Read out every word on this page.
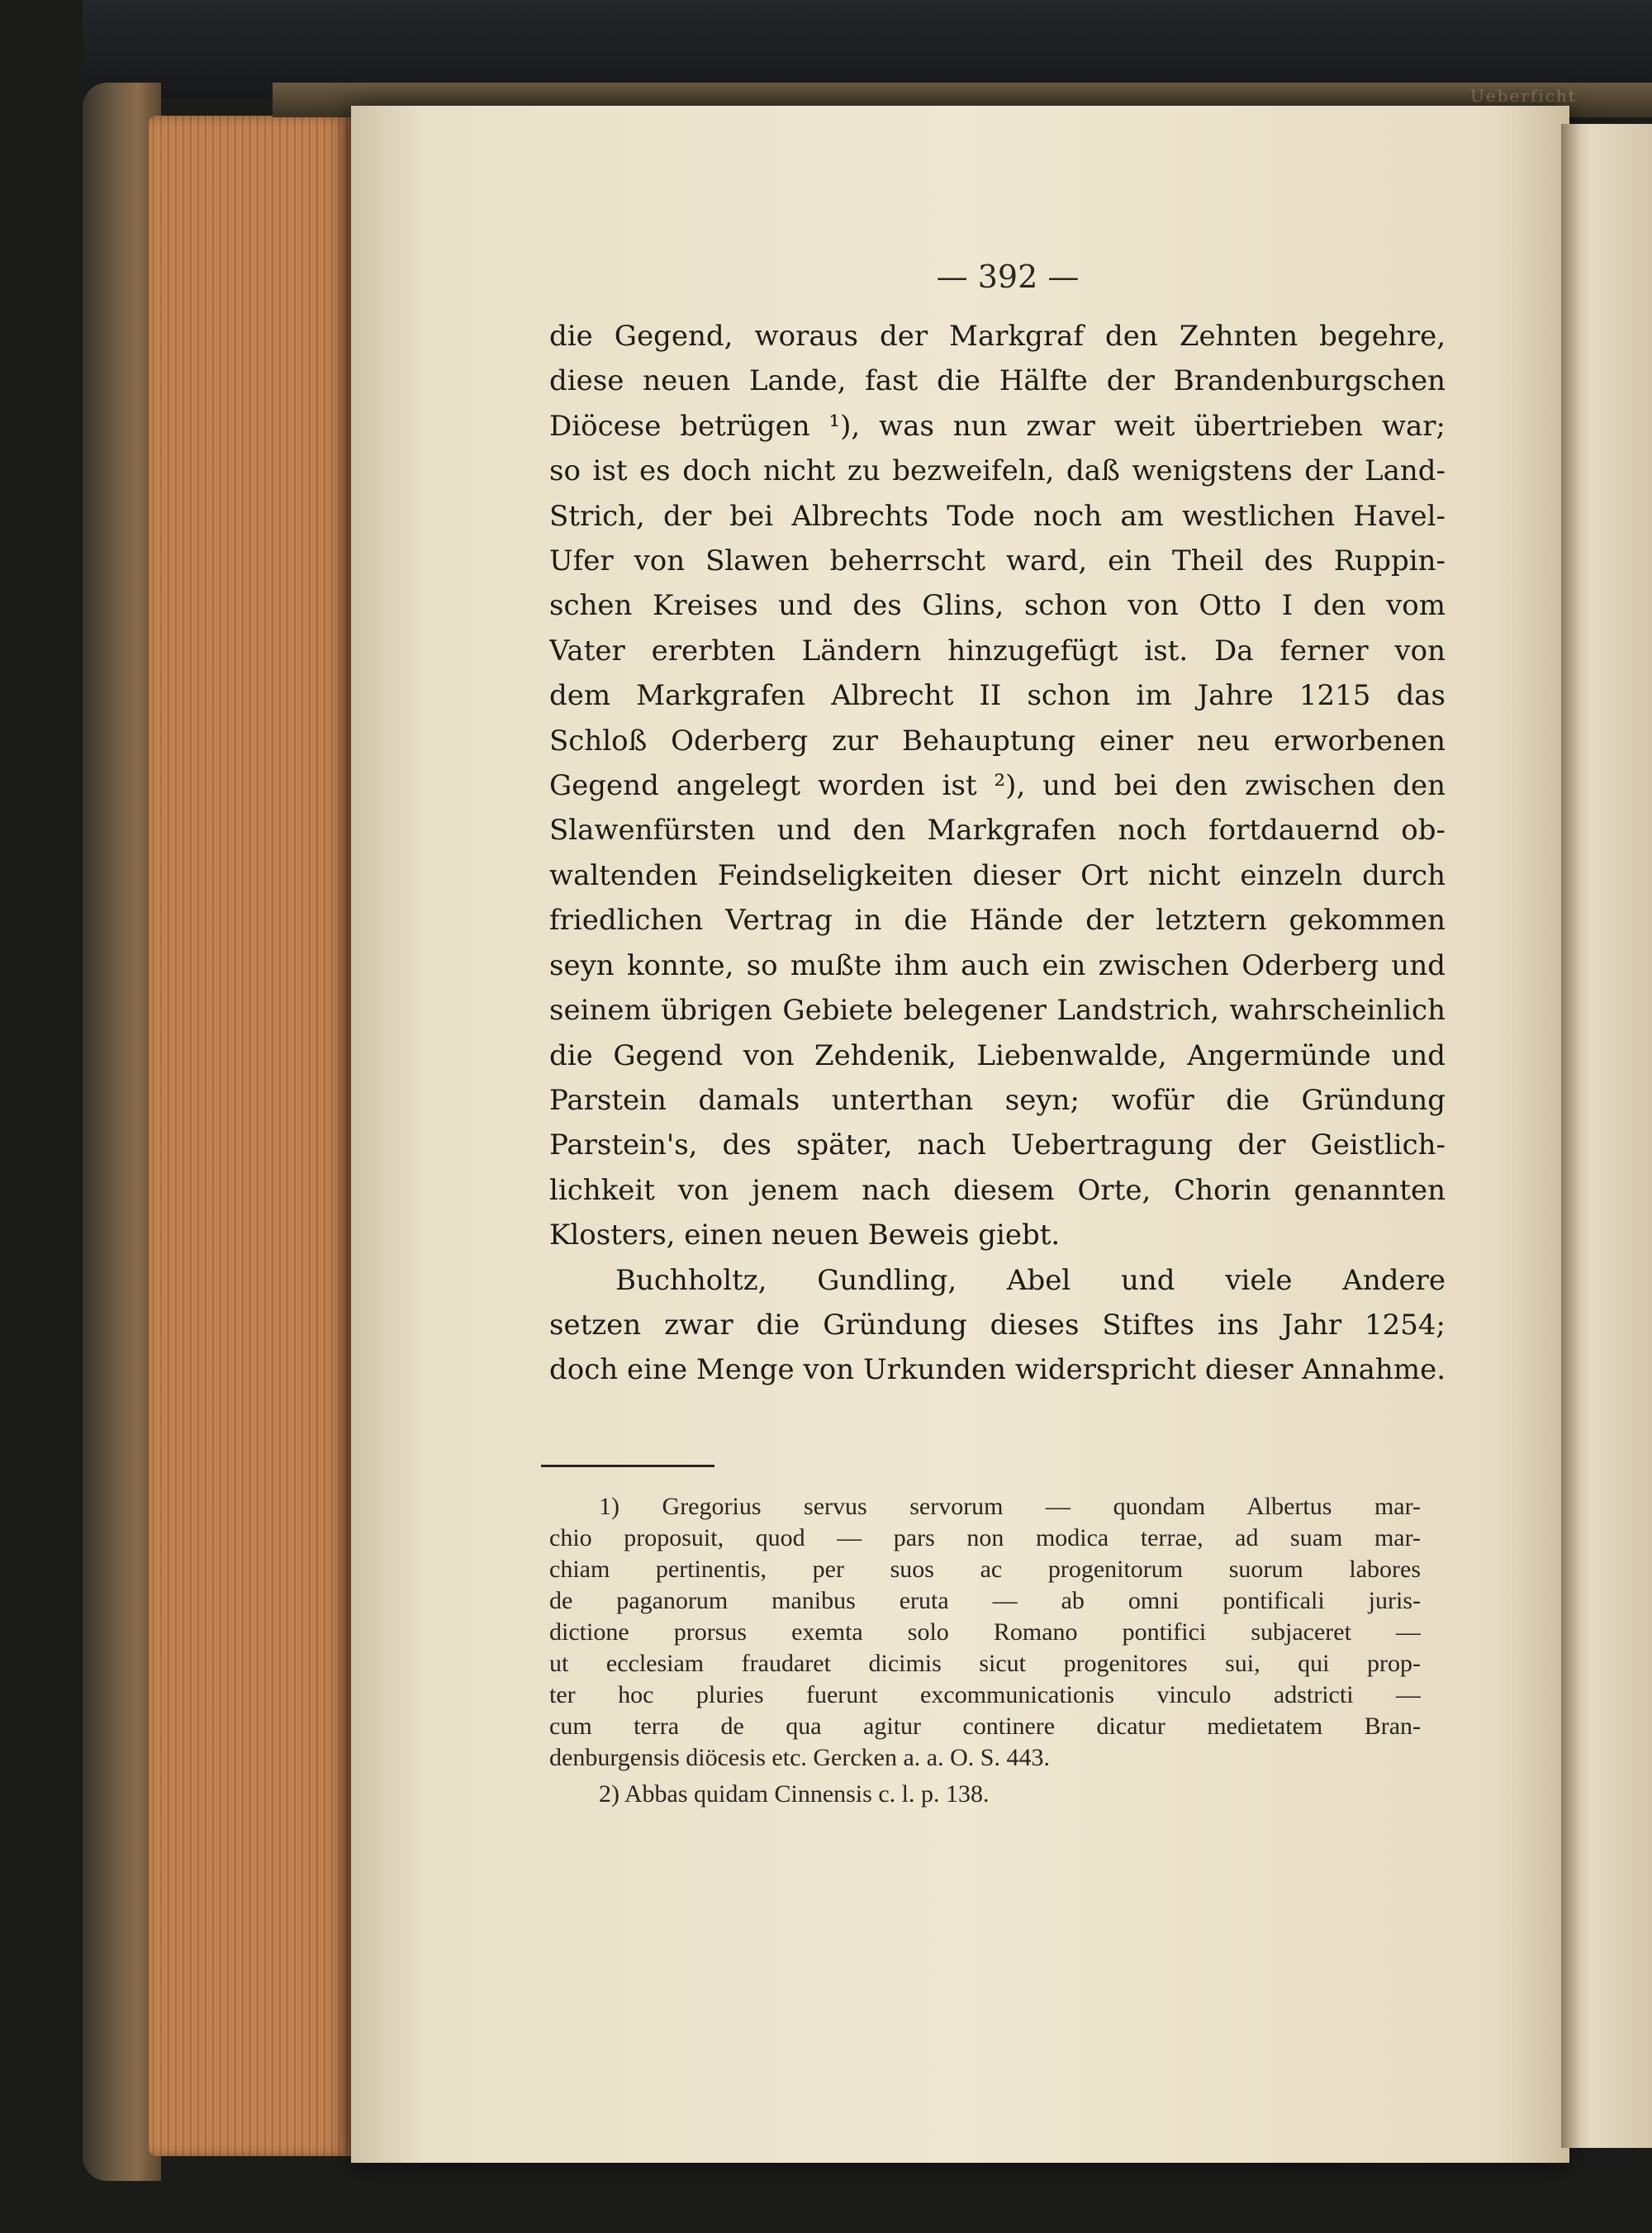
Ueberficht
— 392 —
die Gegend, woraus der Markgraf den Zehnten begehre,
diese neuen Lande, fast die Hälfte der Brandenburgschen
Diöcese betrügen ¹), was nun zwar weit übertrieben war;
so ist es doch nicht zu bezweifeln, daß wenigstens der Land-
Strich, der bei Albrechts Tode noch am westlichen Havel-
Ufer von Slawen beherrscht ward, ein Theil des Ruppin-
schen Kreises und des Glins, schon von Otto I den vom
Vater ererbten Ländern hinzugefügt ist. Da ferner von
dem Markgrafen Albrecht II schon im Jahre 1215 das
Schloß Oderberg zur Behauptung einer neu erworbenen
Gegend angelegt worden ist ²), und bei den zwischen den
Slawenfürsten und den Markgrafen noch fortdauernd ob-
waltenden Feindseligkeiten dieser Ort nicht einzeln durch
friedlichen Vertrag in die Hände der letztern gekommen
seyn konnte, so mußte ihm auch ein zwischen Oderberg und
seinem übrigen Gebiete belegener Landstrich, wahrscheinlich
die Gegend von Zehdenik, Liebenwalde, Angermünde und
Parstein damals unterthan seyn; wofür die Gründung
Parstein's, des später, nach Uebertragung der Geistlich-
lichkeit von jenem nach diesem Orte, Chorin genannten
Klosters, einen neuen Beweis giebt.
Buchholtz, Gundling, Abel und viele Andere
setzen zwar die Gründung dieses Stiftes ins Jahr 1254;
doch eine Menge von Urkunden widerspricht dieser Annahme.
1) Gregorius servus servorum — quondam Albertus mar-
chio proposuit, quod — pars non modica terrae, ad suam mar-
chiam pertinentis, per suos ac progenitorum suorum labores
de paganorum manibus eruta — ab omni pontificali juris-
dictione prorsus exemta solo Romano pontifici subjaceret —
ut ecclesiam fraudaret dicimis sicut progenitores sui, qui prop-
ter hoc pluries fuerunt excommunicationis vinculo adstricti —
cum terra de qua agitur continere dicatur medietatem Bran-
denburgensis diöcesis etc. Gercken a. a. O. S. 443.
2) Abbas quidam Cinnensis c. l. p. 138.
